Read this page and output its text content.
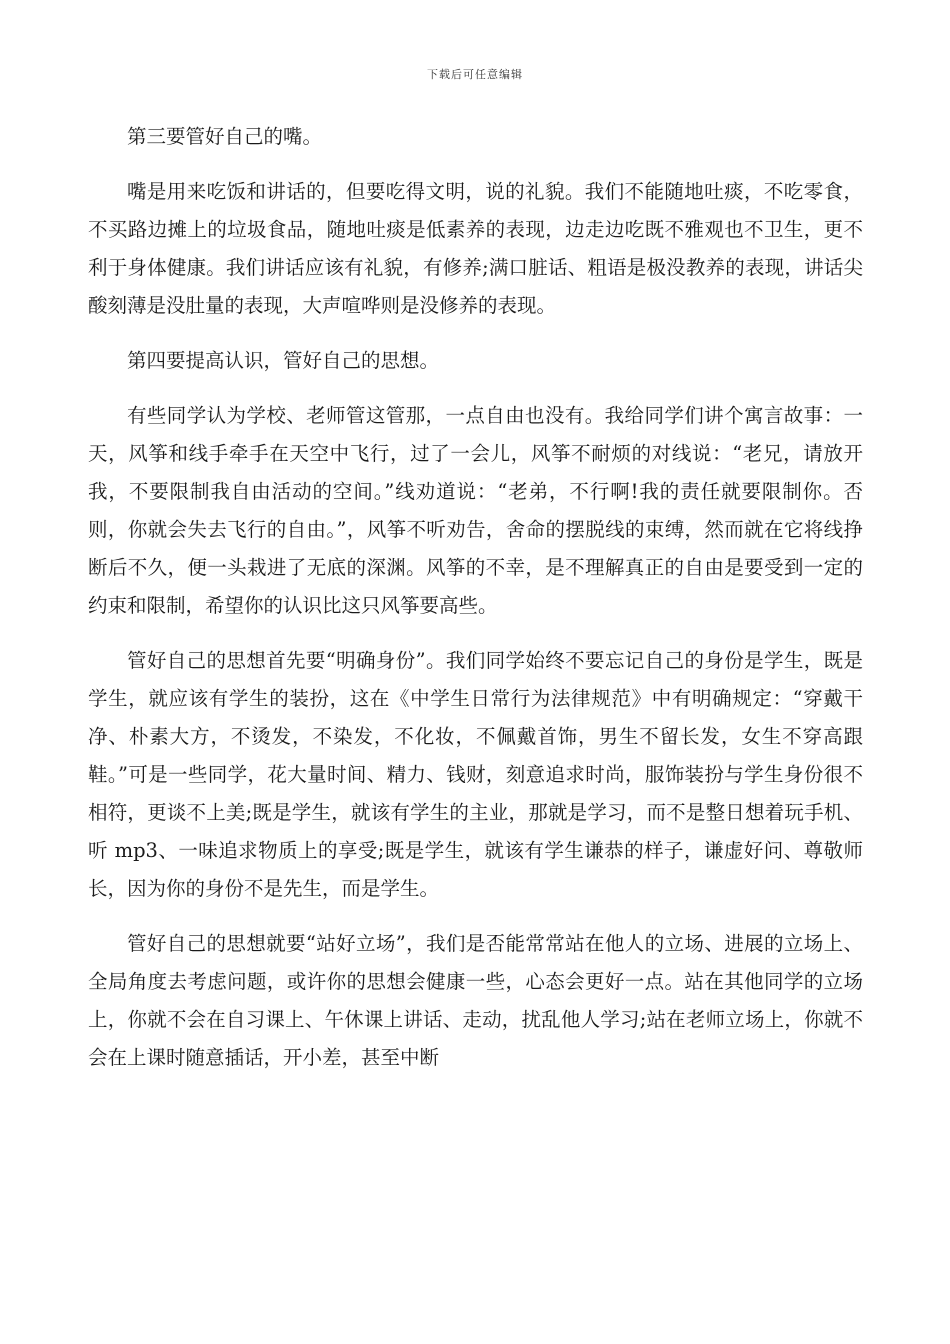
下载后可任意编辑

第三要管好自己的嘴。

嘴是用来吃饭和讲话的，但要吃得文明，说的礼貌。我们不能随地吐痰，不吃零食，不买路边摊上的垃圾食品，随地吐痰是低素养的表现，边走边吃既不雅观也不卫生，更不利于身体健康。我们讲话应该有礼貌，有修养;满口脏话、粗语是极没教养的表现，讲话尖酸刻薄是没肚量的表现，大声喧哗则是没修养的表现。

第四要提高认识，管好自己的思想。

有些同学认为学校、老师管这管那，一点自由也没有。我给同学们讲个寓言故事：一天，风筝和线手牵手在天空中飞行，过了一会儿，风筝不耐烦的对线说：“老兄，请放开我，不要限制我自由活动的空间。”线劝道说：“老弟，不行啊!我的责任就要限制你。否则，你就会失去飞行的自由。”，风筝不听劝告，舍命的摆脱线的束缚，然而就在它将线挣断后不久，便一头栽进了无底的深渊。风筝的不幸，是不理解真正的自由是要受到一定的约束和限制，希望你的认识比这只风筝要高些。

管好自己的思想首先要“明确身份”。我们同学始终不要忘记自己的身份是学生，既是学生，就应该有学生的装扮，这在《中学生日常行为法律规范》中有明确规定：“穿戴干净、朴素大方，不烫发，不染发，不化妆，不佩戴首饰，男生不留长发，女生不穿高跟鞋。”可是一些同学，花大量时间、精力、钱财，刻意追求时尚，服饰装扮与学生身份很不相符，更谈不上美;既是学生，就该有学生的主业，那就是学习，而不是整日想着玩手机、听 mp3、一味追求物质上的享受;既是学生，就该有学生谦恭的样子，谦虚好问、尊敬师长，因为你的身份不是先生，而是学生。

管好自己的思想就要“站好立场”，我们是否能常常站在他人的立场、进展的立场上、全局角度去考虑问题，或许你的思想会健康一些，心态会更好一点。站在其他同学的立场上，你就不会在自习课上、午休课上讲话、走动，扰乱他人学习;站在老师立场上，你就不会在上课时随意插话，开小差，甚至中断
